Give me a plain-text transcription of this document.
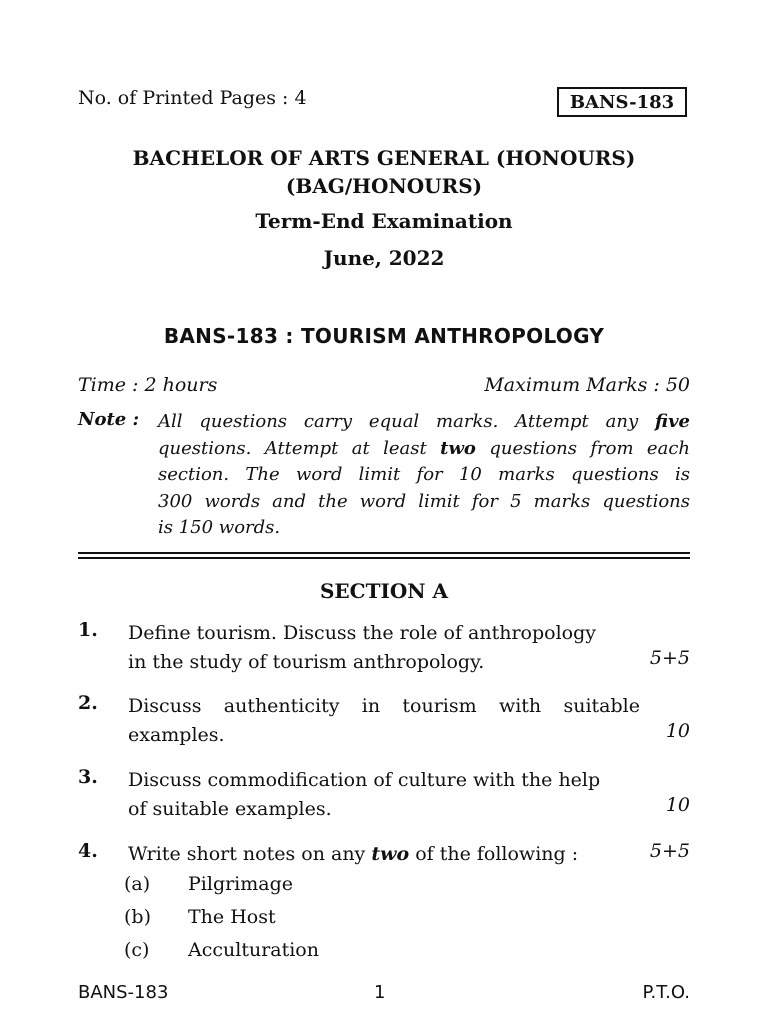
No. of Printed Pages : 4	BANS-183
BACHELOR OF ARTS GENERAL (HONOURS)
(BAG/HONOURS)
Term-End Examination
June, 2022
BANS-183 : TOURISM ANTHROPOLOGY
Time : 2 hours	Maximum Marks : 50
Note :	All questions carry equal marks. Attempt any five
questions. Attempt at least two questions from each
section. The word limit for 10 marks questions is
300 words and the word limit for 5 marks questions
is 150 words.
SECTION A
1. Define tourism. Discuss the role of anthropology
in the study of tourism anthropology.	5+5
2. Discuss authenticity in tourism with suitable
examples.	10
3. Discuss commodification of culture with the help
of suitable examples.	10
4. Write short notes on any two of the following :	5+5
(a) Pilgrimage
(b) The Host
(c) Acculturation
BANS-183	1	P.T.O.
